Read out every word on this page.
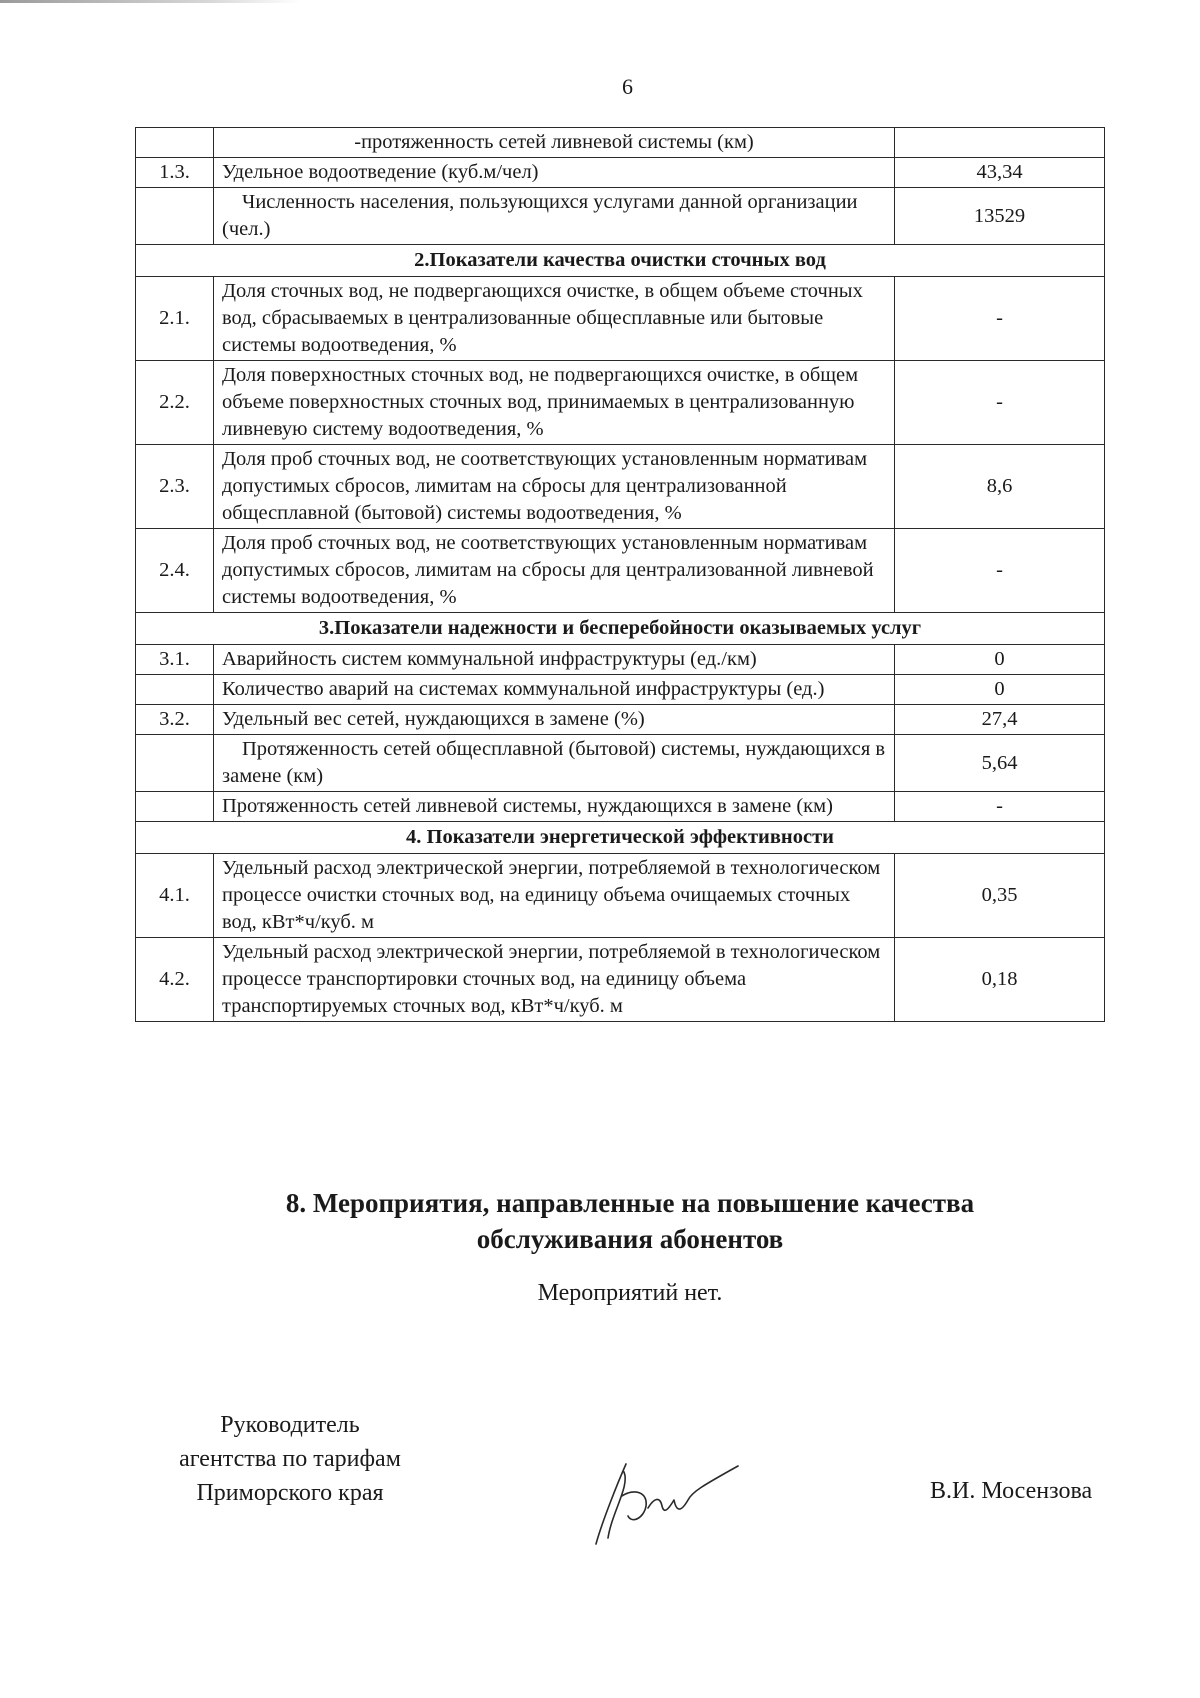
6
	-протяженность сетей ливневой системы (км)	
1.3.	Удельное водоотведение (куб.м/чел)	43,34
	Численность населения, пользующихся услугами данной организации (чел.)	13529
2.Показатели качества очистки сточных вод		
2.1.	Доля сточных вод, не подвергающихся очистке, в общем объеме сточных вод, сбрасываемых в централизованные общесплавные или бытовые системы водоотведения, %	-
2.2.	Доля поверхностных сточных вод, не подвергающихся очистке, в общем объеме поверхностных сточных вод, принимаемых в централизованную ливневую систему водоотведения, %	-
2.3.	Доля проб сточных вод, не соответствующих установленным нормативам допустимых сбросов, лимитам на сбросы для централизованной общесплавной (бытовой) системы водоотведения, %	8,6
2.4.	Доля проб сточных вод, не соответствующих установленным нормативам допустимых сбросов, лимитам на сбросы для централизованной ливневой системы водоотведения, %	-
3.Показатели надежности и бесперебойности оказываемых услуг		
3.1.	Аварийность систем коммунальной инфраструктуры (ед./км)	0
	Количество аварий на системах коммунальной инфраструктуры (ед.)	0
3.2.	Удельный вес сетей, нуждающихся в замене (%)	27,4
	Протяженность сетей общесплавной (бытовой) системы, нуждающихся в замене (км)	5,64
	Протяженность сетей ливневой системы, нуждающихся в замене (км)	-
4. Показатели энергетической эффективности		
4.1.	Удельный расход электрической энергии, потребляемой в технологическом процессе очистки сточных вод, на единицу объема очищаемых сточных вод, кВт*ч/куб. м	0,35
4.2.	Удельный расход электрической энергии, потребляемой в технологическом процессе транспортировки сточных вод, на единицу объема транспортируемых сточных вод, кВт*ч/куб. м	0,18
8. Мероприятия, направленные на повышение качества
обслуживания абонентов
Мероприятий нет.
Руководитель
агентства по тарифам
Приморского края	В.И. Мосензова
